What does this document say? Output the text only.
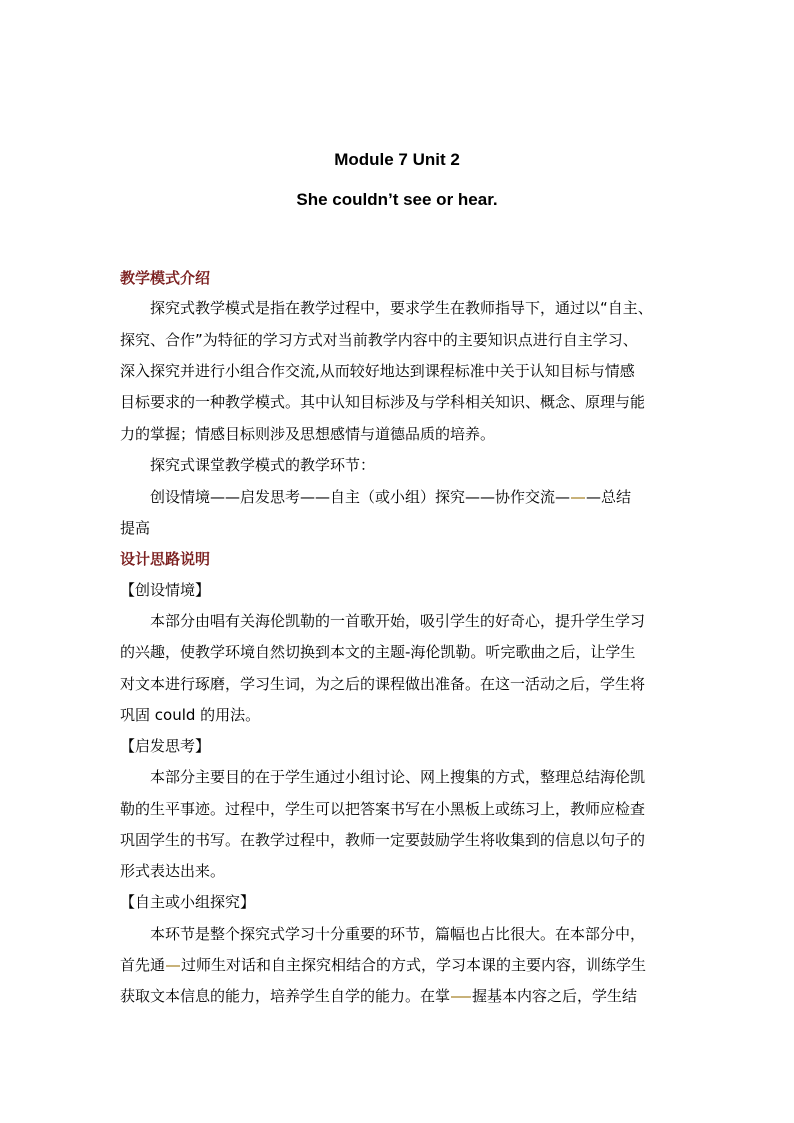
Module 7 Unit 2
She couldn’t see or hear.
教学模式介绍
探究式教学模式是指在教学过程中，要求学生在教师指导下，通过以“自主、
探究、合作”为特征的学习方式对当前教学内容中的主要知识点进行自主学习、
深入探究并进行小组合作交流,从而较好地达到课程标准中关于认知目标与情感
目标要求的一种教学模式。其中认知目标涉及与学科相关知识、概念、原理与能
力的掌握；情感目标则涉及思想感情与道德品质的培养。
探究式课堂教学模式的教学环节：
创设情境——启发思考——自主（或小组）探究——协作交流— —总结
提高
设计思路说明
【创设情境】
本部分由唱有关海伦凯勒的一首歌开始，吸引学生的好奇心，提升学生学习
的兴趣，使教学环境自然切换到本文的主题-海伦凯勒。听完歌曲之后，让学生
对文本进行琢磨，学习生词，为之后的课程做出准备。在这一活动之后，学生将
巩固 could 的用法。
【启发思考】
本部分主要目的在于学生通过小组讨论、网上搜集的方式，整理总结海伦凯
勒的生平事迹。过程中，学生可以把答案书写在小黑板上或练习上，教师应检查
巩固学生的书写。在教学过程中，教师一定要鼓励学生将收集到的信息以句子的
形式表达出来。
【自主或小组探究】
本环节是整个探究式学习十分重要的环节，篇幅也占比很大。在本部分中，
首先通 过师生对话和自主探究相结合的方式，学习本课的主要内容，训练学生
获取文本信息的能力，培养学生自学的能力。在掌 握基本内容之后，学生结
